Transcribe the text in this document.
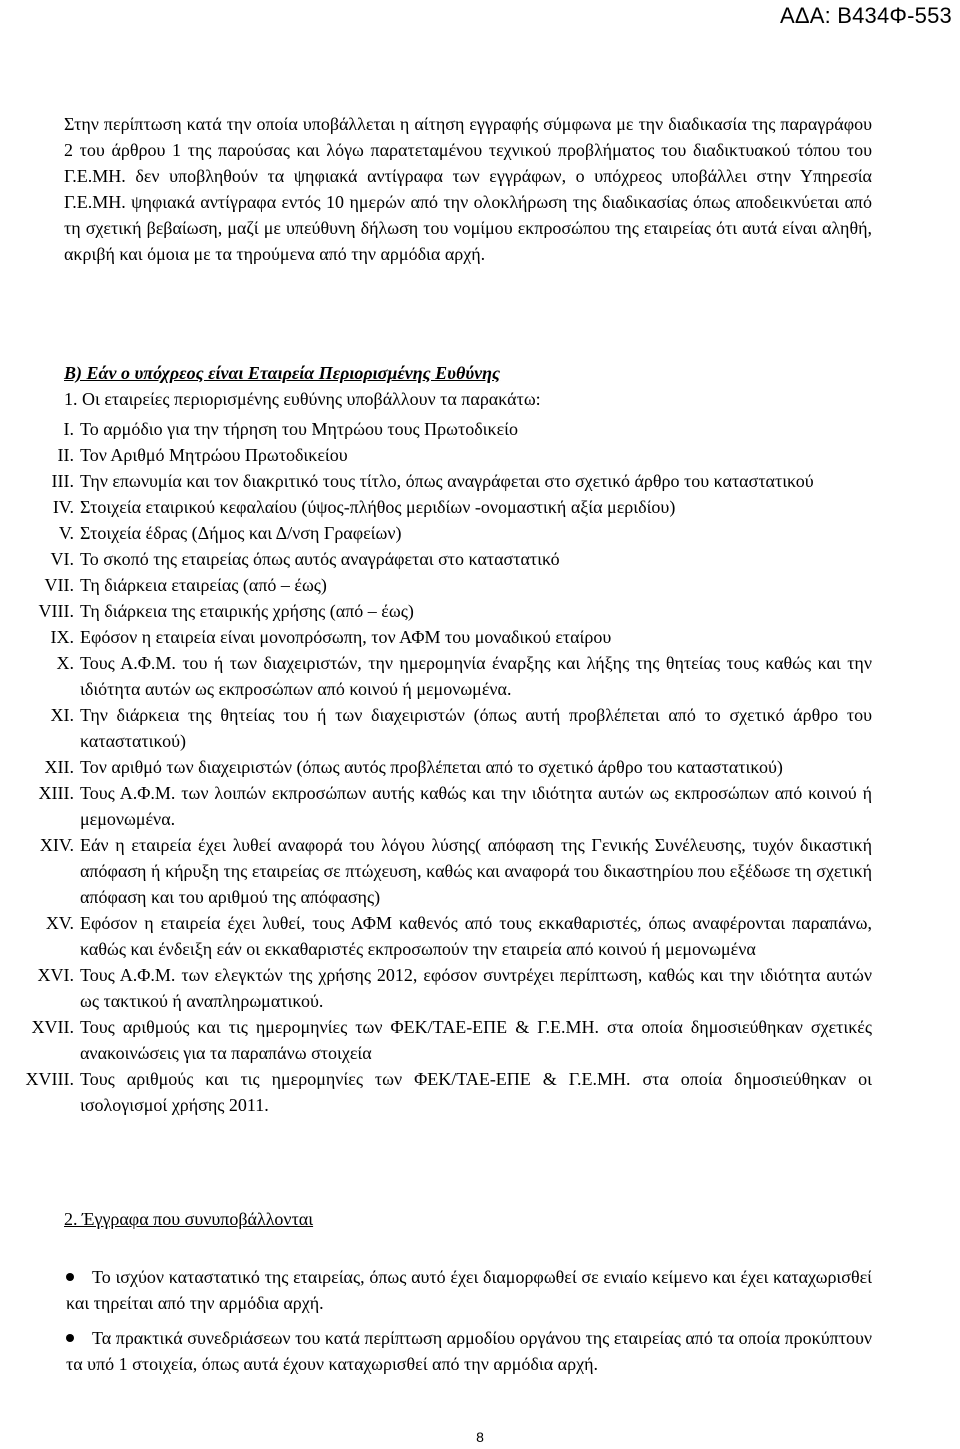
ΑΔΑ: Β434Φ-553

Στην περίπτωση κατά την οποία υποβάλλεται η αίτηση εγγραφής σύμφωνα με την διαδικασία της παραγράφου 2 του άρθρου 1 της παρούσας και λόγω παρατεταμένου τεχνικού προβλήματος του διαδικτυακού τόπου του Γ.Ε.ΜΗ. δεν υποβληθούν τα ψηφιακά αντίγραφα των εγγράφων, ο υπόχρεος υποβάλλει στην Υπηρεσία Γ.Ε.ΜΗ. ψηφιακά αντίγραφα εντός 10 ημερών από την ολοκλήρωση της διαδικασίας όπως αποδεικνύεται από τη σχετική βεβαίωση, μαζί με υπεύθυνη δήλωση του νομίμου εκπροσώπου της εταιρείας ότι αυτά είναι αληθή, ακριβή και όμοια με τα τηρούμενα από την αρμόδια αρχή.

Β) Εάν ο υπόχρεος είναι Εταιρεία Περιορισμένης Ευθύνης

1. Οι εταιρείες περιορισμένης ευθύνης υποβάλλουν τα παρακάτω:

I. Το αρμόδιο για την τήρηση του Μητρώου τους Πρωτοδικείο
II. Τον Αριθμό Μητρώου Πρωτοδικείου
III. Την επωνυμία και τον διακριτικό τους τίτλο, όπως αναγράφεται στο σχετικό άρθρο του καταστατικού
IV. Στοιχεία εταιρικού κεφαλαίου (ύψος-πλήθος μεριδίων -ονομαστική αξία μεριδίου)
V. Στοιχεία έδρας (Δήμος και Δ/νση Γραφείων)
VI. Το σκοπό της εταιρείας όπως αυτός αναγράφεται στο καταστατικό
VII. Τη διάρκεια εταιρείας (από – έως)
VIII. Τη διάρκεια της εταιρικής χρήσης (από – έως)
IX. Εφόσον η εταιρεία είναι μονοπρόσωπη, τον ΑΦΜ του μοναδικού εταίρου
X. Τους Α.Φ.Μ. του ή των διαχειριστών, την ημερομηνία έναρξης και λήξης της θητείας τους καθώς και την ιδιότητα αυτών ως εκπροσώπων από κοινού ή μεμονωμένα.
XI. Την διάρκεια της θητείας του ή των διαχειριστών (όπως αυτή προβλέπεται από το σχετικό άρθρο του καταστατικού)
XII. Τον αριθμό των διαχειριστών (όπως αυτός προβλέπεται από το σχετικό άρθρο του καταστατικού)
XIII. Τους Α.Φ.Μ. των λοιπών εκπροσώπων αυτής καθώς και την ιδιότητα αυτών ως εκπροσώπων από κοινού ή μεμονωμένα.
XIV. Εάν η εταιρεία έχει λυθεί αναφορά του λόγου λύσης( απόφαση της Γενικής Συνέλευσης, τυχόν δικαστική απόφαση ή κήρυξη της εταιρείας σε πτώχευση, καθώς και αναφορά του δικαστηρίου που εξέδωσε τη σχετική απόφαση και του αριθμού της απόφασης)
XV. Εφόσον η εταιρεία έχει λυθεί, τους ΑΦΜ καθενός από τους εκκαθαριστές, όπως αναφέρονται παραπάνω, καθώς και ένδειξη εάν οι εκκαθαριστές εκπροσωπούν την εταιρεία από κοινού ή μεμονωμένα
XVI. Τους Α.Φ.Μ. των ελεγκτών της χρήσης 2012, εφόσον συντρέχει περίπτωση, καθώς και την ιδιότητα αυτών ως τακτικού ή αναπληρωματικού.
XVII. Τους αριθμούς και τις ημερομηνίες των ΦΕΚ/ΤΑΕ-ΕΠΕ & Γ.Ε.ΜΗ. στα οποία δημοσιεύθηκαν σχετικές ανακοινώσεις για τα παραπάνω στοιχεία
XVIII. Τους αριθμούς και τις ημερομηνίες των ΦΕΚ/ΤΑΕ-ΕΠΕ & Γ.Ε.ΜΗ. στα οποία δημοσιεύθηκαν οι ισολογισμοί χρήσης 2011.

2. Έγγραφα που συνυποβάλλονται

Το ισχύον καταστατικό της εταιρείας, όπως αυτό έχει διαμορφωθεί σε ενιαίο κείμενο και έχει καταχωρισθεί και τηρείται από την αρμόδια αρχή.
Τα πρακτικά συνεδριάσεων του κατά περίπτωση αρμοδίου οργάνου της εταιρείας από τα οποία προκύπτουν τα υπό 1 στοιχεία, όπως αυτά έχουν καταχωρισθεί από την αρμόδια αρχή.
8
